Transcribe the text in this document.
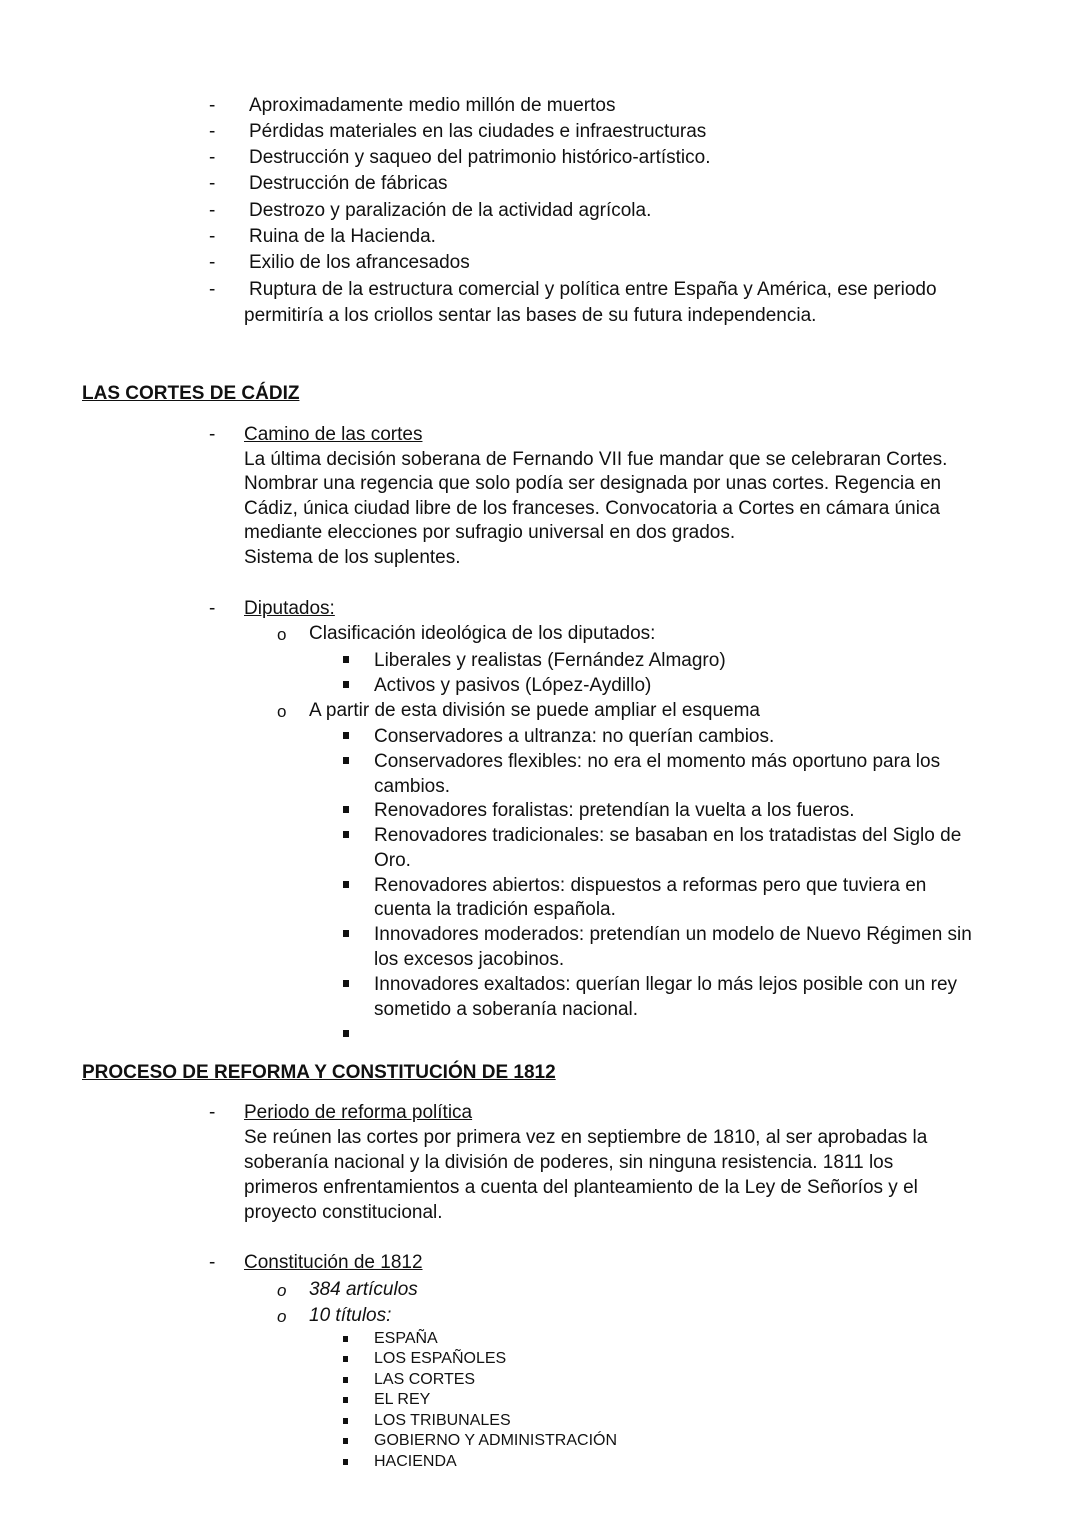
- Aproximadamente medio millón de muertos
- Pérdidas materiales en las ciudades e infraestructuras
- Destrucción y saqueo del patrimonio histórico-artístico.
- Destrucción de fábricas
- Destrozo y paralización de la actividad agrícola.
- Ruina de la Hacienda.
- Exilio de los afrancesados
- Ruptura de la estructura comercial y política entre España y América, ese periodo
permitiría a los criollos sentar las bases de su futura independencia.
LAS CORTES DE CÁDIZ
- Camino de las cortes
La última decisión soberana de Fernando VII fue mandar que se celebraran Cortes.
Nombrar una regencia que solo podía ser designada por unas cortes. Regencia en
Cádiz, única ciudad libre de los franceses. Convocatoria a Cortes en cámara única
mediante elecciones por sufragio universal en dos grados.
Sistema de los suplentes.
- Diputados:
o Clasificación ideológica de los diputados:
Liberales y realistas (Fernández Almagro)
Activos y pasivos (López-Aydillo)
o A partir de esta división se puede ampliar el esquema
Conservadores a ultranza: no querían cambios.
Conservadores flexibles: no era el momento más oportuno para los
cambios.
Renovadores foralistas: pretendían la vuelta a los fueros.
Renovadores tradicionales: se basaban en los tratadistas del Siglo de
Oro.
Renovadores abiertos: dispuestos a reformas pero que tuviera en
cuenta la tradición española.
Innovadores moderados: pretendían un modelo de Nuevo Régimen sin
los excesos jacobinos.
Innovadores exaltados: querían llegar lo más lejos posible con un rey
sometido a soberanía nacional.
PROCESO DE REFORMA Y CONSTITUCIÓN DE 1812
- Periodo de reforma política
Se reúnen las cortes por primera vez en septiembre de 1810, al ser aprobadas la
soberanía nacional y la división de poderes, sin ninguna resistencia. 1811 los
primeros enfrentamientos a cuenta del planteamiento de la Ley de Señoríos y el
proyecto constitucional.
- Constitución de 1812
o 384 artículos
o 10 títulos:
ESPAÑA
LOS ESPAÑOLES
LAS CORTES
EL REY
LOS TRIBUNALES
GOBIERNO Y ADMINISTRACIÓN
HACIENDA
